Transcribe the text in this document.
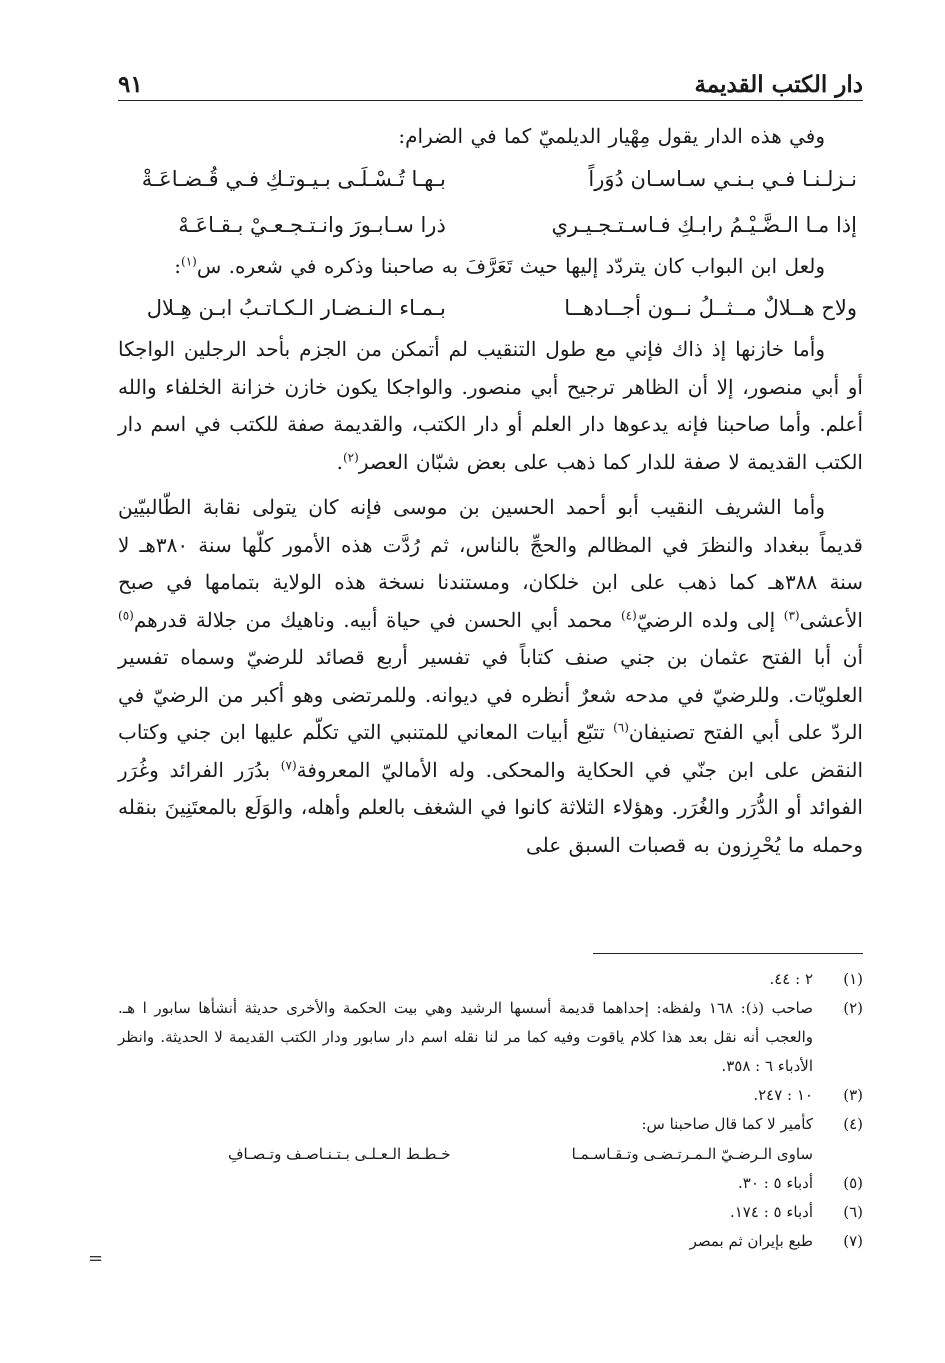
دار الكتب القديمة
٩١

وفي هذه الدار يقول مِهْيار الديلميّ كما في الضرام:

نـزلـنـا فـي بـنـي سـاسـان دُوَراً
بـهـا تُـسْـلَـى بـيـوتـكِ فـي قُـضـاعَـةْ
إذا مـا الـضَّـيْـمُ رابـكِ فـاسـتـجـيـري
ذرا سـابـورَ وانـتـجـعـيْ بـقـاعَـهْ

ولعل ابن البواب كان يتردّد إليها حيث تَعَرَّفَ به صاحبنا وذكره في شعره. س$^{(١)}$:

ولاح هــلالٌ مــثــلُ نــون أجــادهــا
بـمـاء الـنـضـار الـكـاتـبُ ابـن هِـلال

وأما خازنها إذ ذاك فإني مع طول التنقيب لم أتمكن من الجزم بأحد الرجلين الواجكا أو أبي منصور، إلا أن الظاهر ترجيح أبي منصور. والواجكا يكون خازن خزانة الخلفاء والله أعلم. وأما صاحبنا فإنه يدعوها دار العلم أو دار الكتب، والقديمة صفة للكتب في اسم دار الكتب القديمة لا صفة للدار كما ذهب على بعض شبّان العصر$^{(٢)}$.

وأما الشريف النقيب أبو أحمد الحسين بن موسى فإنه كان يتولى نقابة الطّالبيّين قديماً ببغداد والنظرَ في المظالم والحجِّ بالناس، ثم رُدَّت هذه الأمور كلّها سنة ٣٨٠هـ لا سنة ٣٨٨هـ كما ذهب على ابن خلكان، ومستندنا نسخة هذه الولاية بتمامها في صبح الأعشى$^{(٣)}$ إلى ولده الرضيّ$^{(٤)}$ محمد أبي الحسن في حياة أبيه. وناهيك من جلالة قدرهم$^{(٥)}$ أن أبا الفتح عثمان بن جني صنف كتاباً في تفسير أربع قصائد للرضيّ وسماه تفسير العلويّات. وللرضيّ في مدحه شعرٌ أنظره في ديوانه. وللمرتضى وهو أكبر من الرضيّ في الردّ على أبي الفتح تصنيفان$^{(٦)}$ تتبّع أبيات المعاني للمتنبي التي تكلّم عليها ابن جني وكتاب النقض على ابن جنّي في الحكاية والمحكى. وله الأماليّ المعروفة$^{(٧)}$ بدُرَر الفرائد وغُرَر الفوائد أو الدُّرَر والغُرَر. وهؤلاء الثلاثة كانوا في الشغف بالعلم وأهله، والوَلَع بالمعتَنِينَ بنقله وحمله ما يُحْرِزون به قصبات السبق على

(١)
٢ : ٤٤.
(٢)
صاحب (ذ): ١٦٨ ولفظه: إحداهما قديمة أسسها الرشيد وهي بيت الحكمة والأخرى حديثة أنشأها سابور ا هـ. والعجب أنه نقل بعد هذا كلام ياقوت وفيه كما مر لنا نقله اسم دار سابور ودار الكتب القديمة لا الحديثة. وانظر الأدباء ٦ : ٣٥٨.
(٣)
١٠ : ٢٤٧.
(٤)
كأمير لا كما قال صاحبنا س:
ساوى الـرضـيّ الـمـرتـضـى وتـقـاسـمـا
خـطـط الـعـلـى بـتـنـاصـف وتـصـافِ
(٥)
أدباء ٥ : ٣٠.
(٦)
أدباء ٥ : ١٧٤.
(٧)
طبع بإيران ثم بمصر
=
